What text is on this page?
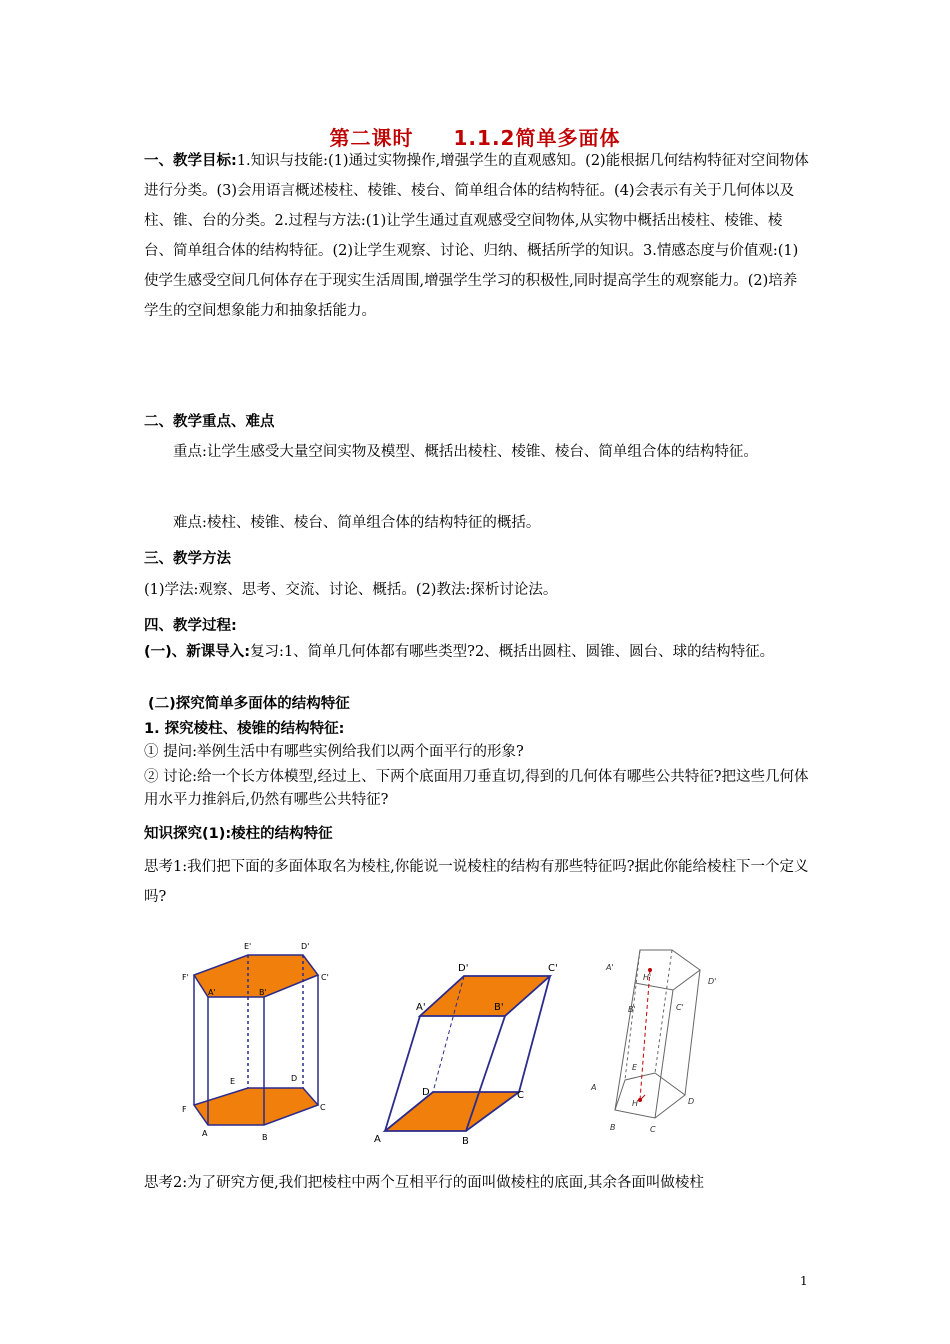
第二课时 1.1.2简单多面体
一、教学目标:1.知识与技能:(1)通过实物操作,增强学生的直观感知。(2)能根据几何结构特征对空间物体进行分类。(3)会用语言概述棱柱、棱锥、棱台、简单组合体的结构特征。(4)会表示有关于几何体以及柱、锥、台的分类。2.过程与方法:(1)让学生通过直观感受空间物体,从实物中概括出棱柱、棱锥、棱台、简单组合体的结构特征。(2)让学生观察、讨论、归纳、概括所学的知识。3.情感态度与价值观:(1)使学生感受空间几何体存在于现实生活周围,增强学生学习的积极性,同时提高学生的观察能力。(2)培养学生的空间想象能力和抽象括能力。
二、教学重点、难点
重点:让学生感受大量空间实物及模型、概括出棱柱、棱锥、棱台、简单组合体的结构特征。
难点:棱柱、棱锥、棱台、简单组合体的结构特征的概括。
三、教学方法
(1)学法:观察、思考、交流、讨论、概括。(2)教法:探析讨论法。
四、教学过程:
(一)、新课导入:复习:1、简单几何体都有哪些类型?2、概括出圆柱、圆锥、圆台、球的结构特征。
(二)探究简单多面体的结构特征
1. 探究棱柱、棱锥的结构特征:
① 提问:举例生活中有哪些实例给我们以两个面平行的形象?
② 讨论:给一个长方体模型,经过上、下两个底面用刀垂直切,得到的几何体有哪些公共特征?把这些几何体用水平力推斜后,仍然有哪些公共特征?
知识探究(1):棱柱的结构特征
思考1:我们把下面的多面体取名为棱柱,你能说一说棱柱的结构有那些特征吗?据此你能给棱柱下一个定义吗?
E'	D'
F'	C'
A'	B'
E	D
F	C
A	B
D'	C'
A'	B'
D	C
A	B
A'
D'
H'
B'	C'
E
A
H	D
B	C
思考2:为了研究方便,我们把棱柱中两个互相平行的面叫做棱柱的底面,其余各面叫做棱柱
1
